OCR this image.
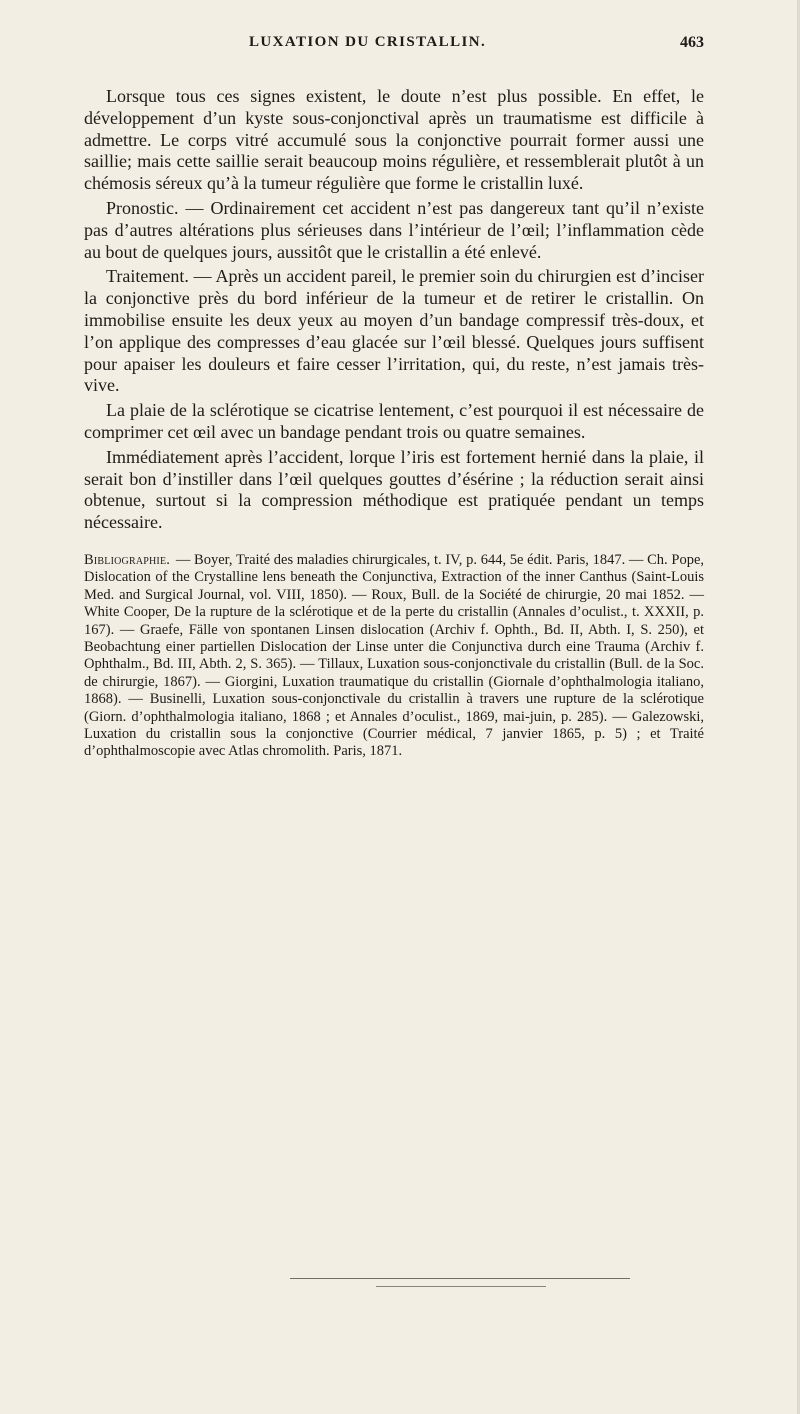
LUXATION DU CRISTALLIN.	463

Lorsque tous ces signes existent, le doute n’est plus possible. En effet, le développement d’un kyste sous-conjonctival après un traumatisme est difficile à admettre. Le corps vitré accumulé sous la conjonctive pourrait former aussi une saillie; mais cette saillie serait beaucoup moins régulière, et ressemblerait plutôt à un chémosis séreux qu’à la tumeur régulière que forme le cristallin luxé.

Pronostic. — Ordinairement cet accident n’est pas dangereux tant qu’il n’existe pas d’autres altérations plus sérieuses dans l’intérieur de l’œil; l’inflammation cède au bout de quelques jours, aussitôt que le cristallin a été enlevé.

Traitement. — Après un accident pareil, le premier soin du chirurgien est d’inciser la conjonctive près du bord inférieur de la tumeur et de retirer le cristallin. On immobilise ensuite les deux yeux au moyen d’un bandage compressif très-doux, et l’on applique des compresses d’eau glacée sur l’œil blessé. Quelques jours suffisent pour apaiser les douleurs et faire cesser l’irritation, qui, du reste, n’est jamais très-vive.

La plaie de la sclérotique se cicatrise lentement, c’est pourquoi il est nécessaire de comprimer cet œil avec un bandage pendant trois ou quatre semaines.

Immédiatement après l’accident, lorque l’iris est fortement hernié dans la plaie, il serait bon d’instiller dans l’œil quelques gouttes d’ésérine ; la réduction serait ainsi obtenue, surtout si la compression méthodique est pratiquée pendant un temps nécessaire.

Bibliographie. — Boyer, Traité des maladies chirurgicales, t. IV, p. 644, 5e édit. Paris, 1847. — Ch. Pope, Dislocation of the Crystalline lens beneath the Conjunctiva, Extraction of the inner Canthus (Saint-Louis Med. and Surgical Journal, vol. VIII, 1850). — Roux, Bull. de la Société de chirurgie, 20 mai 1852. — White Cooper, De la rupture de la sclérotique et de la perte du cristallin (Annales d’oculist., t. XXXII, p. 167). — Graefe, Fälle von spontanen Linsen dislocation (Archiv f. Ophth., Bd. II, Abth. I, S. 250), et Beobachtung einer partiellen Dislocation der Linse unter die Conjunctiva durch eine Trauma (Archiv f. Ophthalm., Bd. III, Abth. 2, S. 365). — Tillaux, Luxation sous-conjonctivale du cristallin (Bull. de la Soc. de chirurgie, 1867). — Giorgini, Luxation traumatique du cristallin (Giornale d’ophthalmologia italiano, 1868). — Businelli, Luxation sous-conjonctivale du cristallin à travers une rupture de la sclérotique (Giorn. d’ophthalmologia italiano, 1868 ; et Annales d’oculist., 1869, mai-juin, p. 285). — Galezowski, Luxation du cristallin sous la conjonctive (Courrier médical, 7 janvier 1865, p. 5) ; et Traité d’ophthalmoscopie avec Atlas chromolith. Paris, 1871.
